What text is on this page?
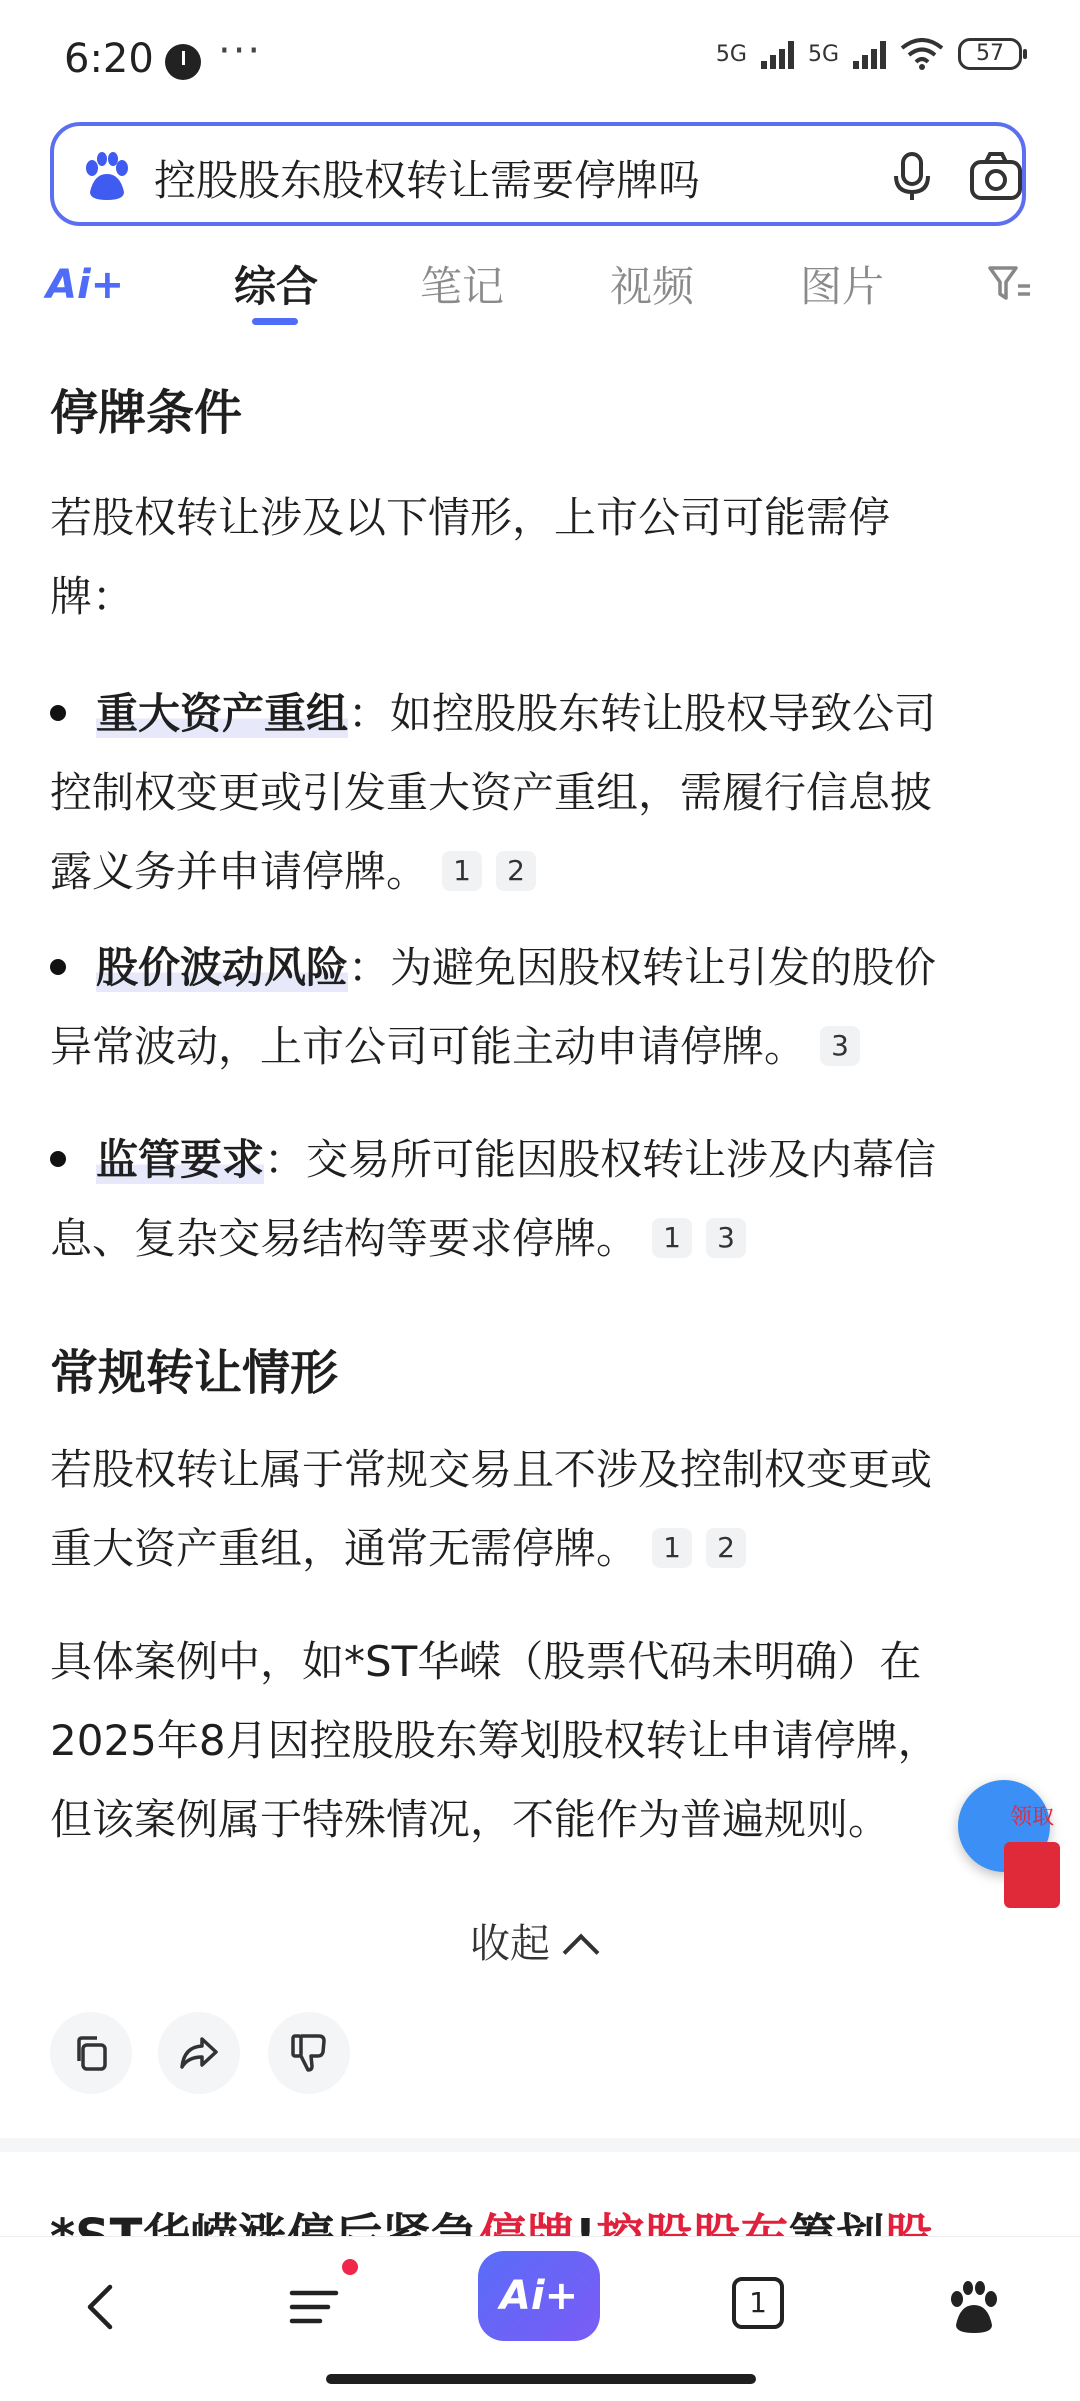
6:20 ···	5G	5G	57
控股股东股权转让需要停牌吗
Ai+	综合 笔记	视频	图片
停牌条件

若股权转让涉及以下情形，上市公司可能需停

牌：

重大资产重组：如控股股东转让股权导致公司
控制权变更或引发重大资产重组，需履行信息披
露义务并申请停牌。 1 2
股价波动风险：为避免因股权转让引发的股价
异常波动，上市公司可能主动申请停牌。 3
监管要求：交易所可能因股权转让涉及内幕信
息、复杂交易结构等要求停牌。 1 3
常规转让情形

若股权转让属于常规交易且不涉及控制权变更或

重大资产重组，通常无需停牌。 1 2

具体案例中，如*ST华嵘（股票代码未明确）在

2025年8月因控股股东筹划股权转让申请停牌，

但该案例属于特殊情况，不能作为普遍规则。	领取
收起
Ai+	1
